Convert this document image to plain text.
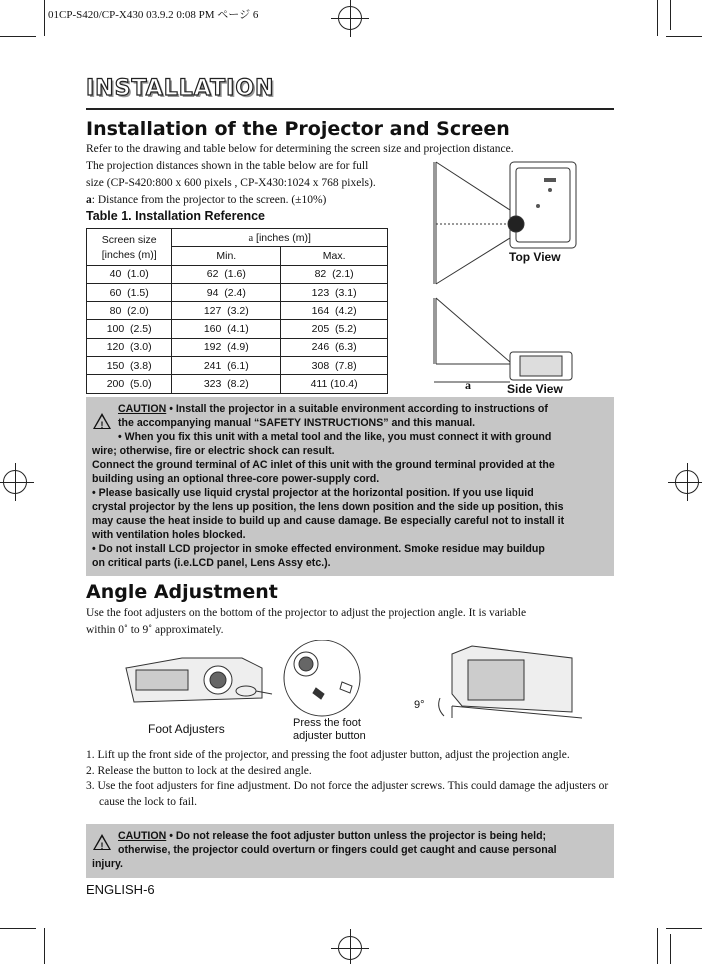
01CP-S420/CP-X430 03.9.2 0:08 PM ページ 6
INSTALLATION
Installation of the Projector and Screen
Refer to the drawing and table below for determining the screen size and projection distance.
The projection distances shown in the table below are for full
size (CP-S420:800 x 600 pixels , CP-X430:1024 x 768 pixels).
a: Distance from the projector to the screen. (±10%)
Table 1. Installation Reference
Screen size
[inches (m)]	a [inches (m)]	
	Min.	Max.
40  (1.0)	62  (1.6)	82  (2.1)
60  (1.5)	94  (2.4)	123  (3.1)
80  (2.0)	127  (3.2)	164  (4.2)
100  (2.5)	160  (4.1)	205  (5.2)
120  (3.0)	192  (4.9)	246  (6.3)
150  (3.8)	241  (6.1)	308  (7.8)
200  (5.0)	323  (8.2)	411 (10.4)
Top View
a	Side View
!
CAUTION • Install the projector in a suitable environment according to instructions of
the accompanying manual “SAFETY INSTRUCTIONS” and this manual.
• When you fix this unit with a metal tool and the like, you must connect it with ground
wire; otherwise, fire or electric shock can result.
Connect the ground terminal of AC inlet of this unit with the ground terminal provided at the
building using an optional three-core power-supply cord.
• Please basically use liquid crystal projector at the horizontal position. If you use liquid
crystal projector by the lens up position, the lens down position and the side up position, this
may cause the heat inside to build up and cause damage. Be especially careful not to install it
with ventilation holes blocked.
• Do not install LCD projector in smoke effected environment. Smoke residue may buildup
on critical parts (i.e.LCD panel, Lens Assy etc.).
Angle Adjustment
Use the foot adjusters on the bottom of the projector to adjust the projection angle. It is variable
within 0˚ to 9˚ approximately.
Foot Adjusters	Press the foot
adjuster button
9°
1. Lift up the front side of the projector, and pressing the foot adjuster button, adjust the projection angle.
2. Release the button to lock at the desired angle.
3. Use the foot adjusters for fine adjustment. Do not force the adjuster screws. This could damage the adjusters or cause the lock to fail.
!
CAUTION • Do not release the foot adjuster button unless the projector is being held;
otherwise, the projector could overturn or fingers could get caught and cause personal
injury.
ENGLISH-6
